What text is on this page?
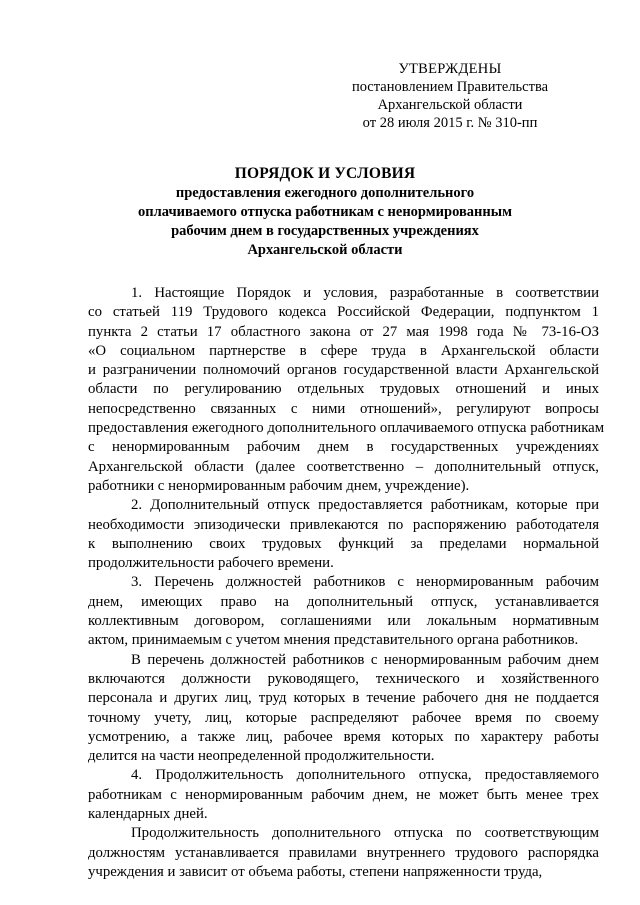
УТВЕРЖДЕНЫ
постановлением Правительства
Архангельской области
от 28 июля 2015 г. № 310-пп
ПОРЯДОК И УСЛОВИЯ
предоставления ежегодного дополнительного
оплачиваемого отпуска работникам с ненормированным
рабочим днем в государственных учреждениях
Архангельской области
1. Настоящие Порядок и условия, разработанные в соответствии
со статьей 119 Трудового кодекса Российской Федерации, подпунктом 1
пункта 2 статьи 17 областного закона от 27 мая 1998 года № 73-16-ОЗ
«О социальном партнерстве в сфере труда в Архангельской области
и разграничении полномочий органов государственной власти Архангельской
области по регулированию отдельных трудовых отношений и иных
непосредственно связанных с ними отношений», регулируют вопросы
предоставления ежегодного дополнительного оплачиваемого отпуска работникам
с ненормированным рабочим днем в государственных учреждениях
Архангельской области (далее соответственно – дополнительный отпуск,
работники с ненормированным рабочим днем, учреждение).
2. Дополнительный отпуск предоставляется работникам, которые при
необходимости эпизодически привлекаются по распоряжению работодателя
к выполнению своих трудовых функций за пределами нормальной
продолжительности рабочего времени.
3. Перечень должностей работников с ненормированным рабочим
днем, имеющих право на дополнительный отпуск, устанавливается
коллективным договором, соглашениями или локальным нормативным
актом, принимаемым с учетом мнения представительного органа работников.
В перечень должностей работников с ненормированным рабочим днем
включаются должности руководящего, технического и хозяйственного
персонала и других лиц, труд которых в течение рабочего дня не поддается
точному учету, лиц, которые распределяют рабочее время по своему
усмотрению, а также лиц, рабочее время которых по характеру работы
делится на части неопределенной продолжительности.
4. Продолжительность дополнительного отпуска, предоставляемого
работникам с ненормированным рабочим днем, не может быть менее трех
календарных дней.
Продолжительность дополнительного отпуска по соответствующим
должностям устанавливается правилами внутреннего трудового распорядка
учреждения и зависит от объема работы, степени напряженности труда,
